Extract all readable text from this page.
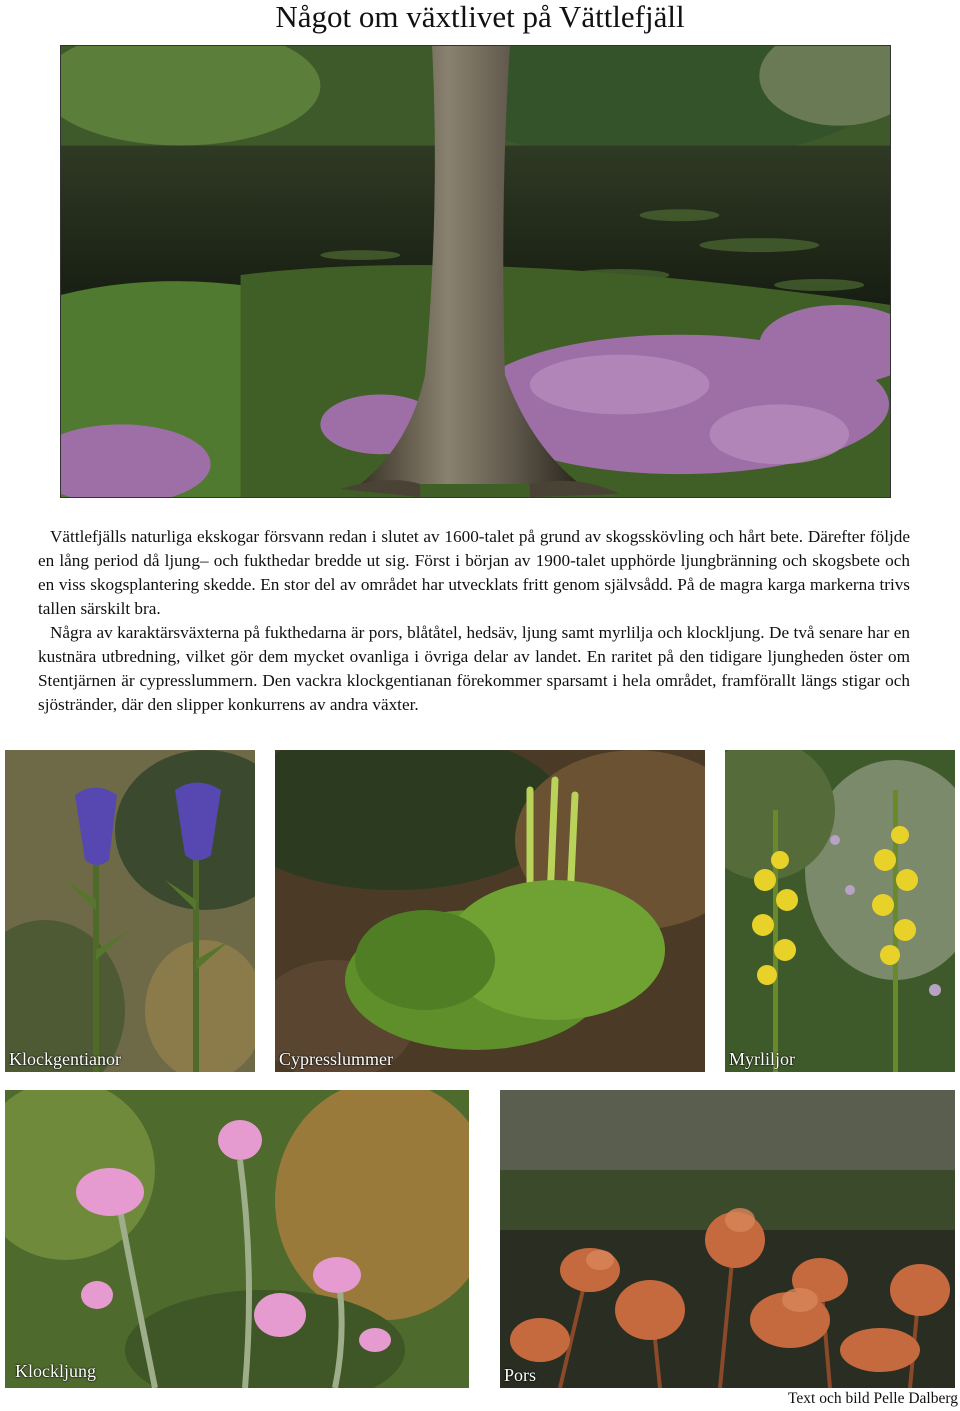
Något om växtlivet på Vättlefjäll

Vättlefjälls naturliga ekskogar försvann redan i slutet av 1600-talet på grund av skogsskövling och hårt bete. Därefter följde en lång period då ljung– och fukthedar bredde ut sig. Först i början av 1900-talet upphörde ljungbränning och skogsbete och en viss skogsplantering skedde. En stor del av området har utvecklats fritt genom självsådd. På de magra karga markerna trivs tallen särskilt bra.

Några av karaktärsväxterna på fukthedarna är pors, blåtåtel, hedsäv, ljung samt myrlilja och klockljung. De två senare har en kustnära utbredning, vilket gör dem mycket ovanliga i övriga delar av landet. En raritet på den tidigare ljungheden öster om Stentjärnen är cypresslummern. Den vackra klockgentianan förekommer sparsamt i hela området, framförallt längs stigar och sjöstränder, där den slipper konkurrens av andra växter.

Klockgentianor	Cypresslummer	Myrliljor
Klockljung	Pors
Text och bild Pelle Dalberg
